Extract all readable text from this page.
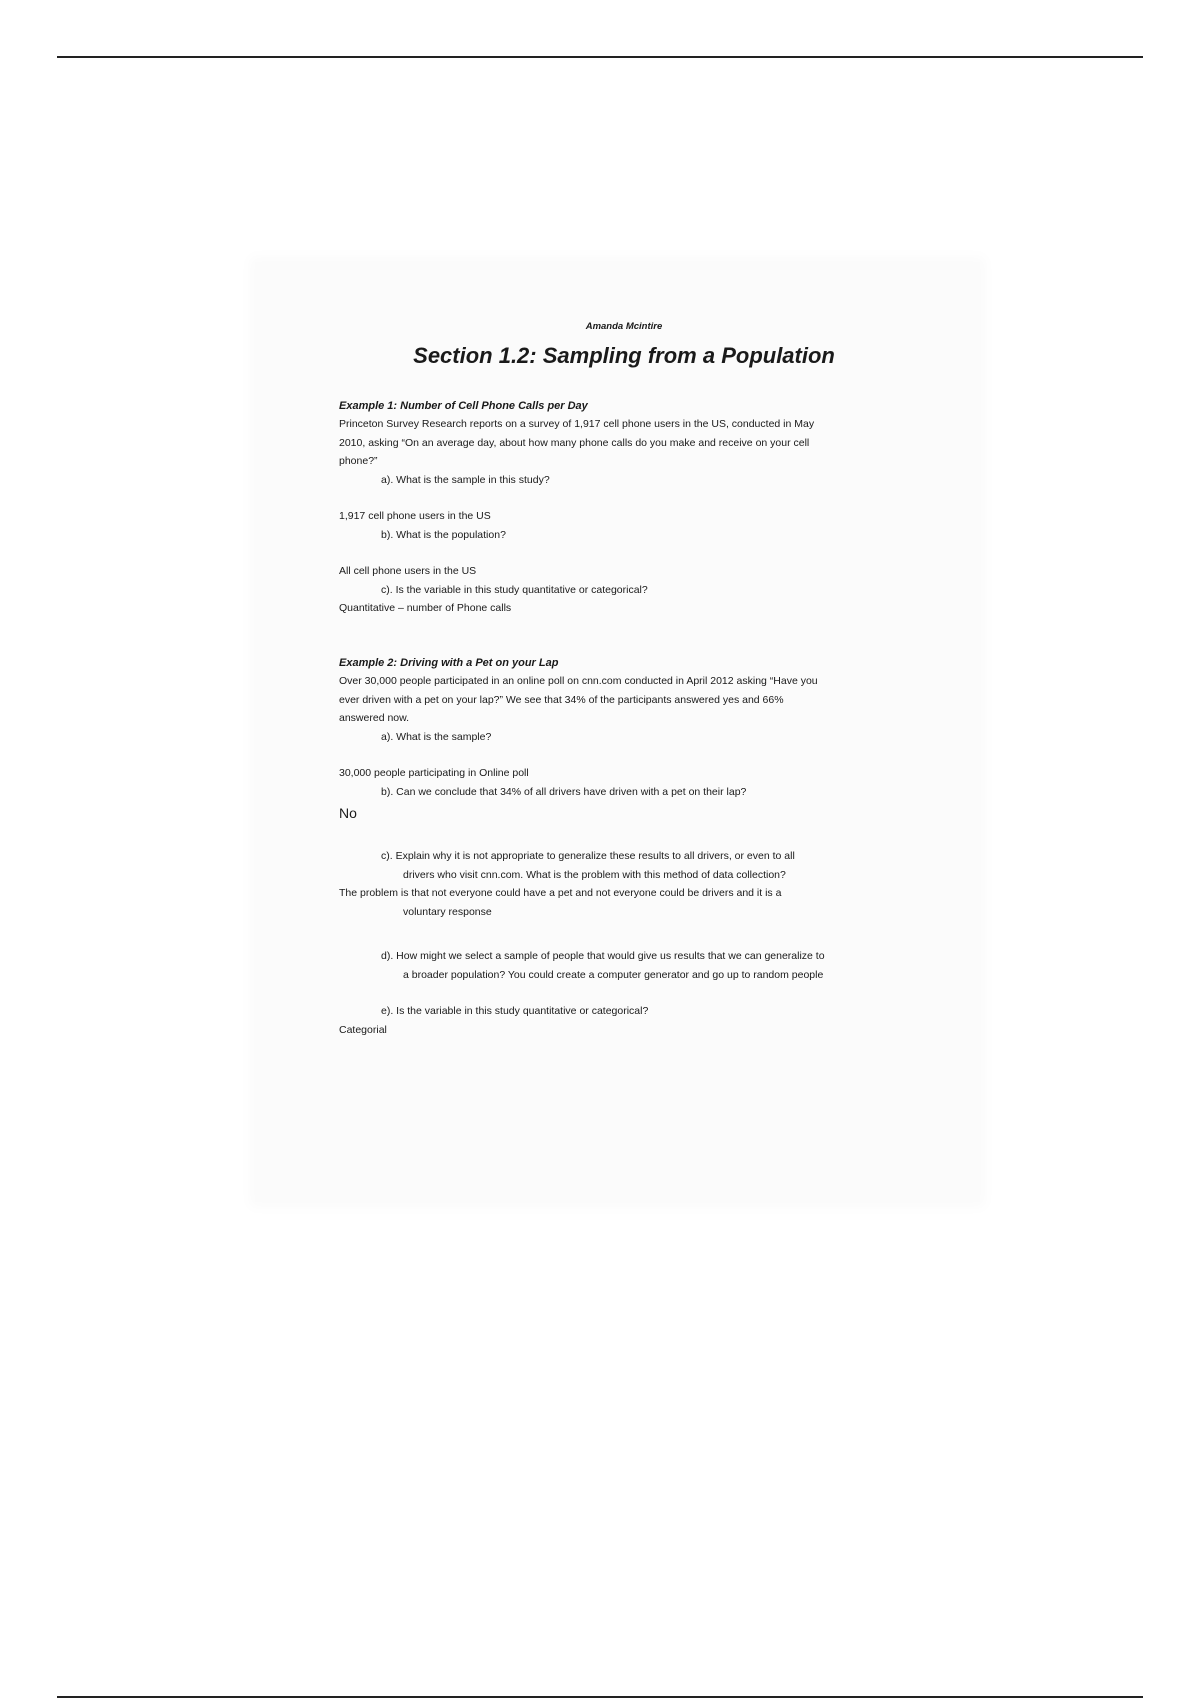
Amanda Mcintire
Section 1.2: Sampling from a Population
Example 1: Number of Cell Phone Calls per Day
Princeton Survey Research reports on a survey of 1,917 cell phone users in the US, conducted in May
2010, asking “On an average day, about how many phone calls do you make and receive on your cell
phone?”
a). What is the sample in this study?
1,917 cell phone users in the US
b). What is the population?
All cell phone users in the US
c). Is the variable in this study quantitative or categorical?
Quantitative – number of Phone calls
Example 2: Driving with a Pet on your Lap
Over 30,000 people participated in an online poll on cnn.com conducted in April 2012 asking “Have you
ever driven with a pet on your lap?” We see that 34% of the participants answered yes and 66%
answered now.
a). What is the sample?
30,000 people participating in Online poll
b). Can we conclude that 34% of all drivers have driven with a pet on their lap?
No
c). Explain why it is not appropriate to generalize these results to all drivers, or even to all
drivers who visit cnn.com. What is the problem with this method of data collection?
The problem is that not everyone could have a pet and not everyone could be drivers and it is a
voluntary response
d). How might we select a sample of people that would give us results that we can generalize to
a broader population? You could create a computer generator and go up to random people
e). Is the variable in this study quantitative or categorical?
Categorial
